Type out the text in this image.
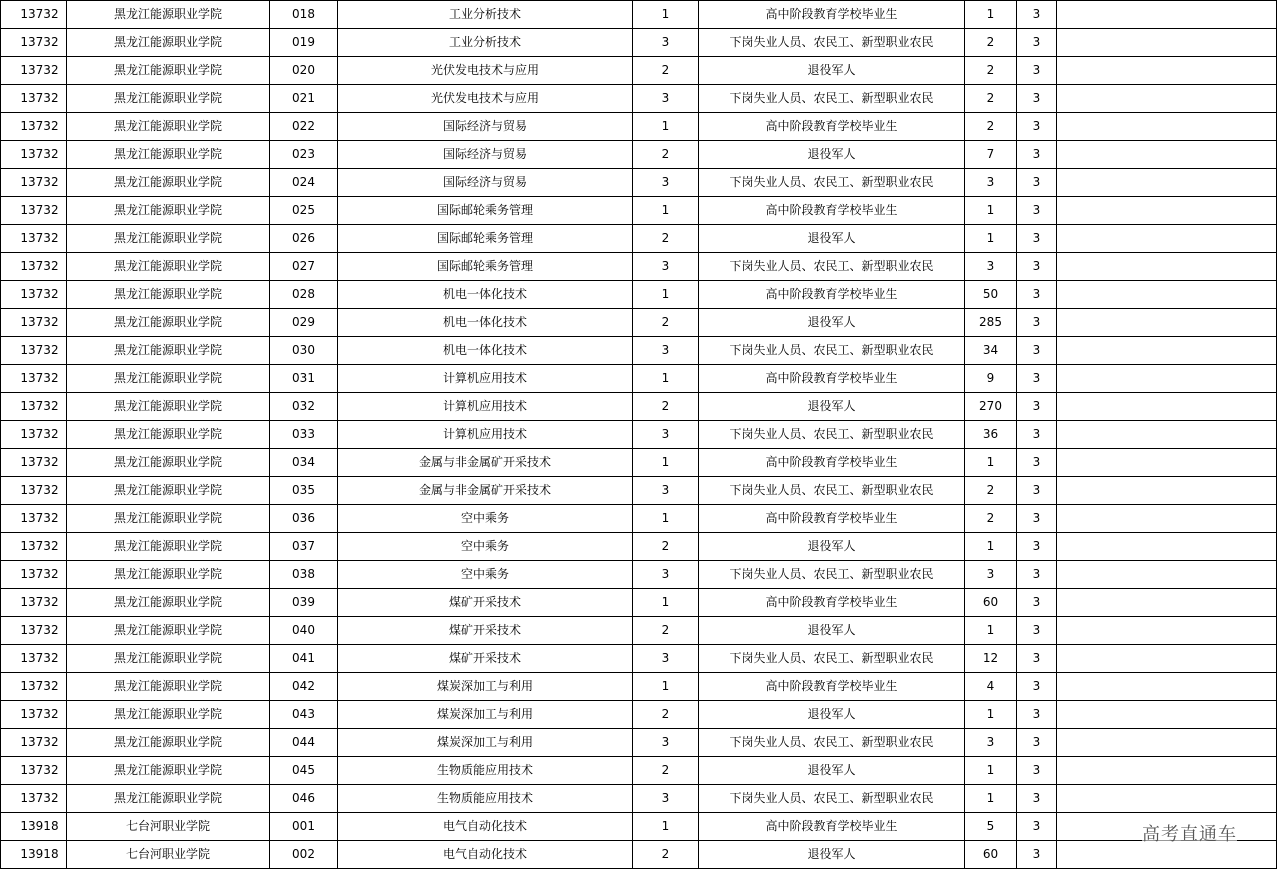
13732	黑龙江能源职业学院	018	工业分析技术	1	高中阶段教育学校毕业生	1	3	
13732	黑龙江能源职业学院	019	工业分析技术	3	下岗失业人员、农民工、新型职业农民	2	3	
13732	黑龙江能源职业学院	020	光伏发电技术与应用	2	退役军人	2	3	
13732	黑龙江能源职业学院	021	光伏发电技术与应用	3	下岗失业人员、农民工、新型职业农民	2	3	
13732	黑龙江能源职业学院	022	国际经济与贸易	1	高中阶段教育学校毕业生	2	3	
13732	黑龙江能源职业学院	023	国际经济与贸易	2	退役军人	7	3	
13732	黑龙江能源职业学院	024	国际经济与贸易	3	下岗失业人员、农民工、新型职业农民	3	3	
13732	黑龙江能源职业学院	025	国际邮轮乘务管理	1	高中阶段教育学校毕业生	1	3	
13732	黑龙江能源职业学院	026	国际邮轮乘务管理	2	退役军人	1	3	
13732	黑龙江能源职业学院	027	国际邮轮乘务管理	3	下岗失业人员、农民工、新型职业农民	3	3	
13732	黑龙江能源职业学院	028	机电一体化技术	1	高中阶段教育学校毕业生	50	3	
13732	黑龙江能源职业学院	029	机电一体化技术	2	退役军人	285	3	
13732	黑龙江能源职业学院	030	机电一体化技术	3	下岗失业人员、农民工、新型职业农民	34	3	
13732	黑龙江能源职业学院	031	计算机应用技术	1	高中阶段教育学校毕业生	9	3	
13732	黑龙江能源职业学院	032	计算机应用技术	2	退役军人	270	3	
13732	黑龙江能源职业学院	033	计算机应用技术	3	下岗失业人员、农民工、新型职业农民	36	3	
13732	黑龙江能源职业学院	034	金属与非金属矿开采技术	1	高中阶段教育学校毕业生	1	3	
13732	黑龙江能源职业学院	035	金属与非金属矿开采技术	3	下岗失业人员、农民工、新型职业农民	2	3	
13732	黑龙江能源职业学院	036	空中乘务	1	高中阶段教育学校毕业生	2	3	
13732	黑龙江能源职业学院	037	空中乘务	2	退役军人	1	3	
13732	黑龙江能源职业学院	038	空中乘务	3	下岗失业人员、农民工、新型职业农民	3	3	
13732	黑龙江能源职业学院	039	煤矿开采技术	1	高中阶段教育学校毕业生	60	3	
13732	黑龙江能源职业学院	040	煤矿开采技术	2	退役军人	1	3	
13732	黑龙江能源职业学院	041	煤矿开采技术	3	下岗失业人员、农民工、新型职业农民	12	3	
13732	黑龙江能源职业学院	042	煤炭深加工与利用	1	高中阶段教育学校毕业生	4	3	
13732	黑龙江能源职业学院	043	煤炭深加工与利用	2	退役军人	1	3	
13732	黑龙江能源职业学院	044	煤炭深加工与利用	3	下岗失业人员、农民工、新型职业农民	3	3	
13732	黑龙江能源职业学院	045	生物质能应用技术	2	退役军人	1	3	
13732	黑龙江能源职业学院	046	生物质能应用技术	3	下岗失业人员、农民工、新型职业农民	1	3	
13918	七台河职业学院	001	电气自动化技术	1	高中阶段教育学校毕业生	5	3	
13918	七台河职业学院	002	电气自动化技术	2	退役军人	60	3	
高考直通车
